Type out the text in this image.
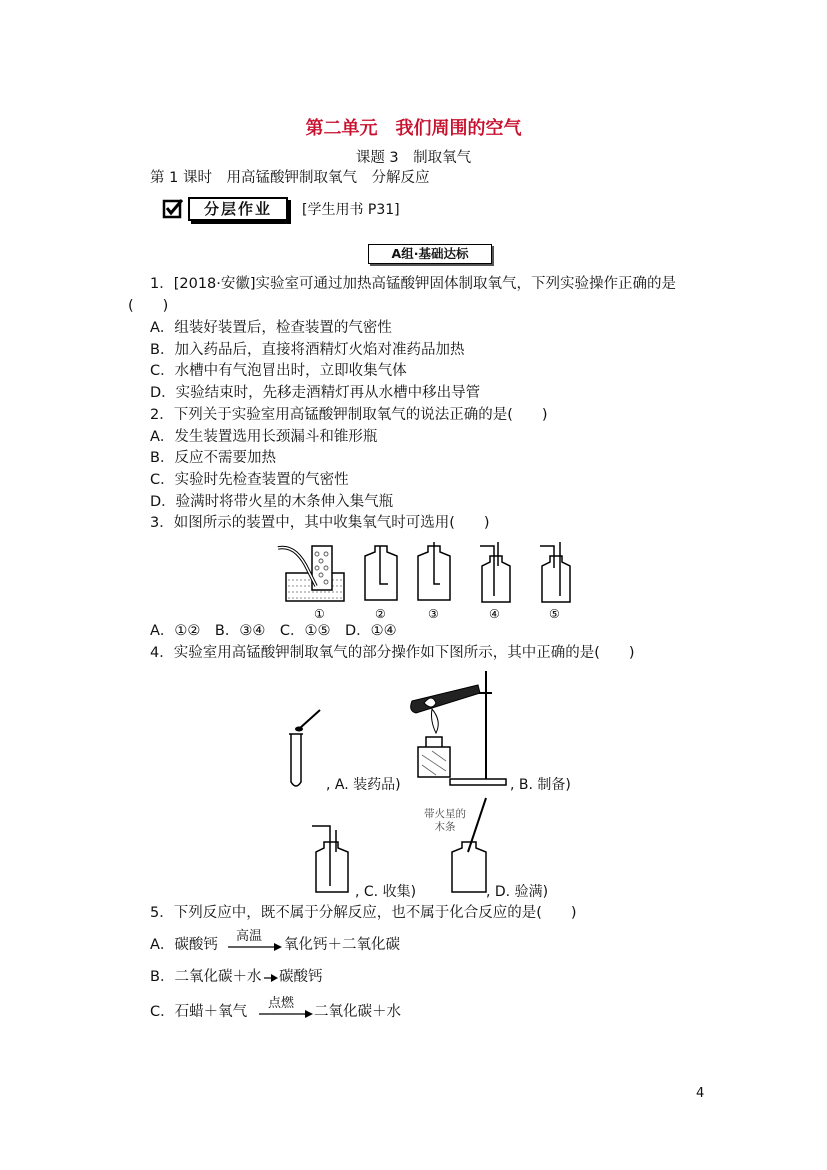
第二单元　我们周围的空气
课题 3　制取氧气
第 1 课时　用高锰酸钾制取氧气　分解反应
分层作业	[学生用书 P31]
A组·基础达标
1．[2018·安徽]实验室可通过加热高锰酸钾固体制取氧气，下列实验操作正确的是
(　　)
A．组装好装置后，检查装置的气密性
B．加入药品后，直接将酒精灯火焰对准药品加热
C．水槽中有气泡冒出时，立即收集气体
D．实验结束时，先移走酒精灯再从水槽中移出导管
2．下列关于实验室用高锰酸钾制取氧气的说法正确的是(　　)
A．发生装置选用长颈漏斗和锥形瓶
B．反应不需要加热
C．实验时先检查装置的气密性
D．验满时将带火星的木条伸入集气瓶
3．如图所示的装置中，其中收集氧气时可选用(　　)
①	②	③	④	⑤
A．①②　B．③④　C．①⑤　D．①④
4．实验室用高锰酸钾制取氧气的部分操作如下图所示，其中正确的是(　　)
, A. 装药品)	, B. 制备)
, C. 收集)
带火星的
木条
, D. 验满)
5．下列反应中，既不属于分解反应，也不属于化合反应的是(　　)
A．碳酸钙
高温
氧化钙＋二氧化碳
B．二氧化碳＋水 碳酸钙
C．石蜡＋氧气
点燃
二氧化碳＋水
4
